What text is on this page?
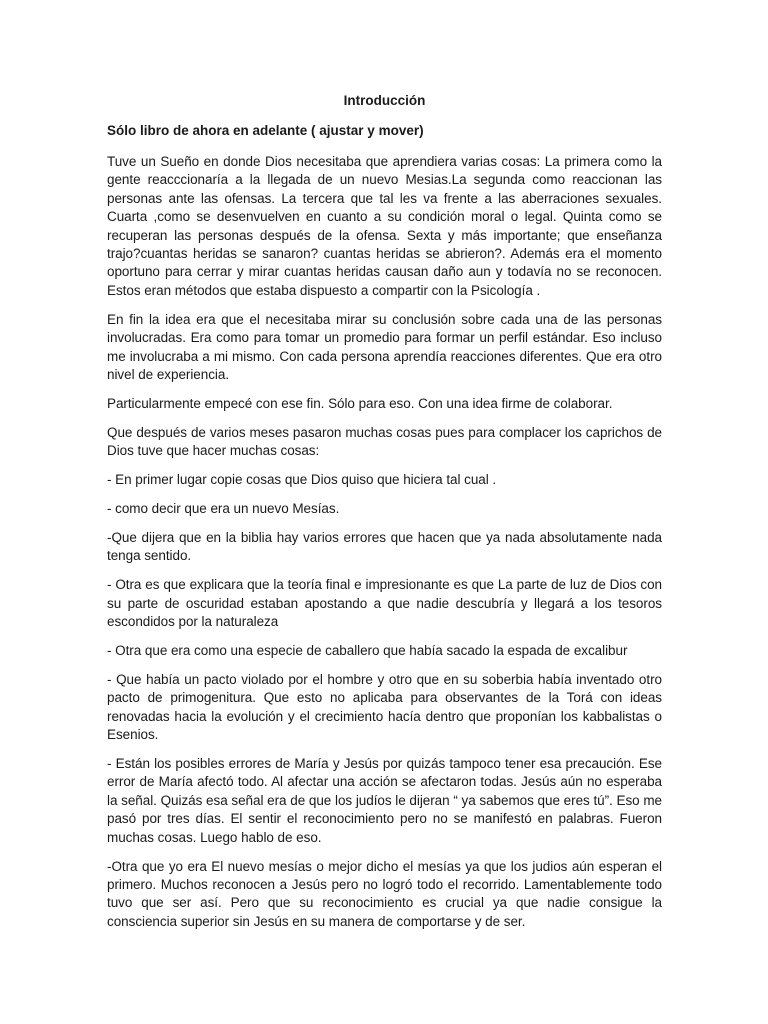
Introducción
Sólo libro de ahora en adelante ( ajustar y mover)

Tuve un Sueño en donde Dios necesitaba que aprendiera varias cosas: La primera como la gente reacccionaría a la llegada de un nuevo Mesias.La segunda como reaccionan las personas ante las ofensas. La tercera que tal les va frente a las aberraciones sexuales. Cuarta ,como se desenvuelven en cuanto a su condición moral o legal. Quinta como se recuperan las personas después de la ofensa. Sexta y más importante; que enseñanza trajo?cuantas heridas se sanaron? cuantas heridas se abrieron?. Además era el momento oportuno para cerrar y mirar cuantas heridas causan daño aun y todavía no se reconocen. Estos eran métodos que estaba dispuesto a compartir con la Psicología .

En fin la idea era que el necesitaba mirar su conclusión sobre cada una de las personas involucradas. Era como para tomar un promedio para formar un perfil estándar. Eso incluso me involucraba a mi mismo. Con cada persona aprendía reacciones diferentes. Que era otro nivel de experiencia.

Particularmente empecé con ese fin. Sólo para eso. Con una idea firme de colaborar.

Que después de varios meses pasaron muchas cosas pues para complacer los caprichos de Dios tuve que hacer muchas cosas:

- En primer lugar copie cosas que Dios quiso que hiciera tal cual .

- como decir que era un nuevo Mesías.

-Que dijera que en la biblia hay varios errores que hacen que ya nada absolutamente nada tenga sentido.

- Otra es que explicara que la teoría final e impresionante es que La parte de luz de Dios con su parte de oscuridad estaban apostando a que nadie descubría y llegará a los tesoros escondidos por la naturaleza

- Otra que era como una especie de caballero que había sacado la espada de excalibur

- Que había un pacto violado por el hombre y otro que en su soberbia había inventado otro pacto de primogenitura. Que esto no aplicaba para observantes de la Torá con ideas renovadas hacia la evolución y el crecimiento hacía dentro que proponían los kabbalistas o Esenios.

- Están los posibles errores de María y Jesús por quizás tampoco tener esa precaución. Ese error de María afectó todo. Al afectar una acción se afectaron todas. Jesús aún no esperaba la señal. Quizás esa señal era de que los judíos le dijeran “ ya sabemos que eres tú”. Eso me pasó por tres días. El sentir el reconocimiento pero no se manifestó en palabras. Fueron muchas cosas. Luego hablo de eso.

-Otra que yo era El nuevo mesías o mejor dicho el mesías ya que los judios aún esperan el primero. Muchos reconocen a Jesús pero no logró todo el recorrido. Lamentablemente todo tuvo que ser así. Pero que su reconocimiento es crucial ya que nadie consigue la consciencia superior sin Jesús en su manera de comportarse y de ser.
